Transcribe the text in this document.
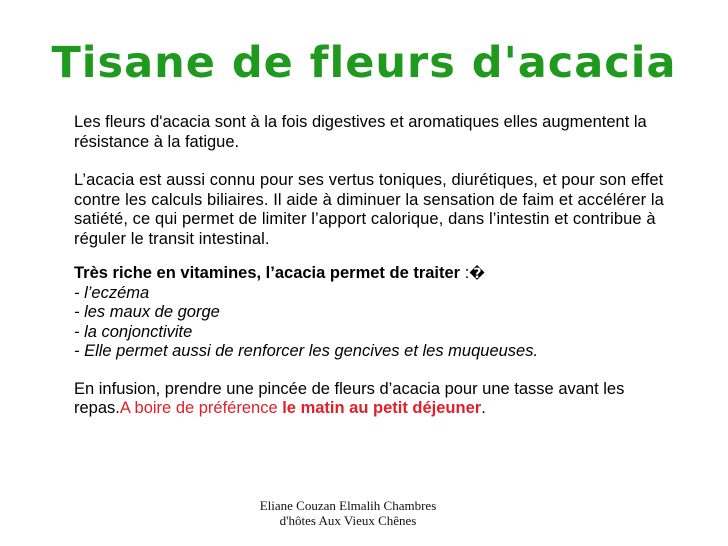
Tisane de fleurs d'acacia

Les fleurs d'acacia sont à la fois digestives et aromatiques elles augmentent la résistance à la fatigue.

L’acacia est aussi connu pour ses vertus toniques, diurétiques, et pour son effet contre les calculs biliaires. Il aide à diminuer la sensation de faim et accélérer la satiété, ce qui permet de limiter l’apport calorique, dans l’intestin et contribue à réguler le transit intestinal.

Très riche en vitamines, l’acacia permet de traiter :�

- l’eczéma

- les maux de gorge

- la conjonctivite

- Elle permet aussi de renforcer les gencives et les muqueuses.

En infusion, prendre une pincée de fleurs d’acacia pour une tasse avant les repas.A boire de préférence le matin au petit déjeuner.

Eliane Couzan Elmalih Chambres
d'hôtes Aux Vieux Chênes
